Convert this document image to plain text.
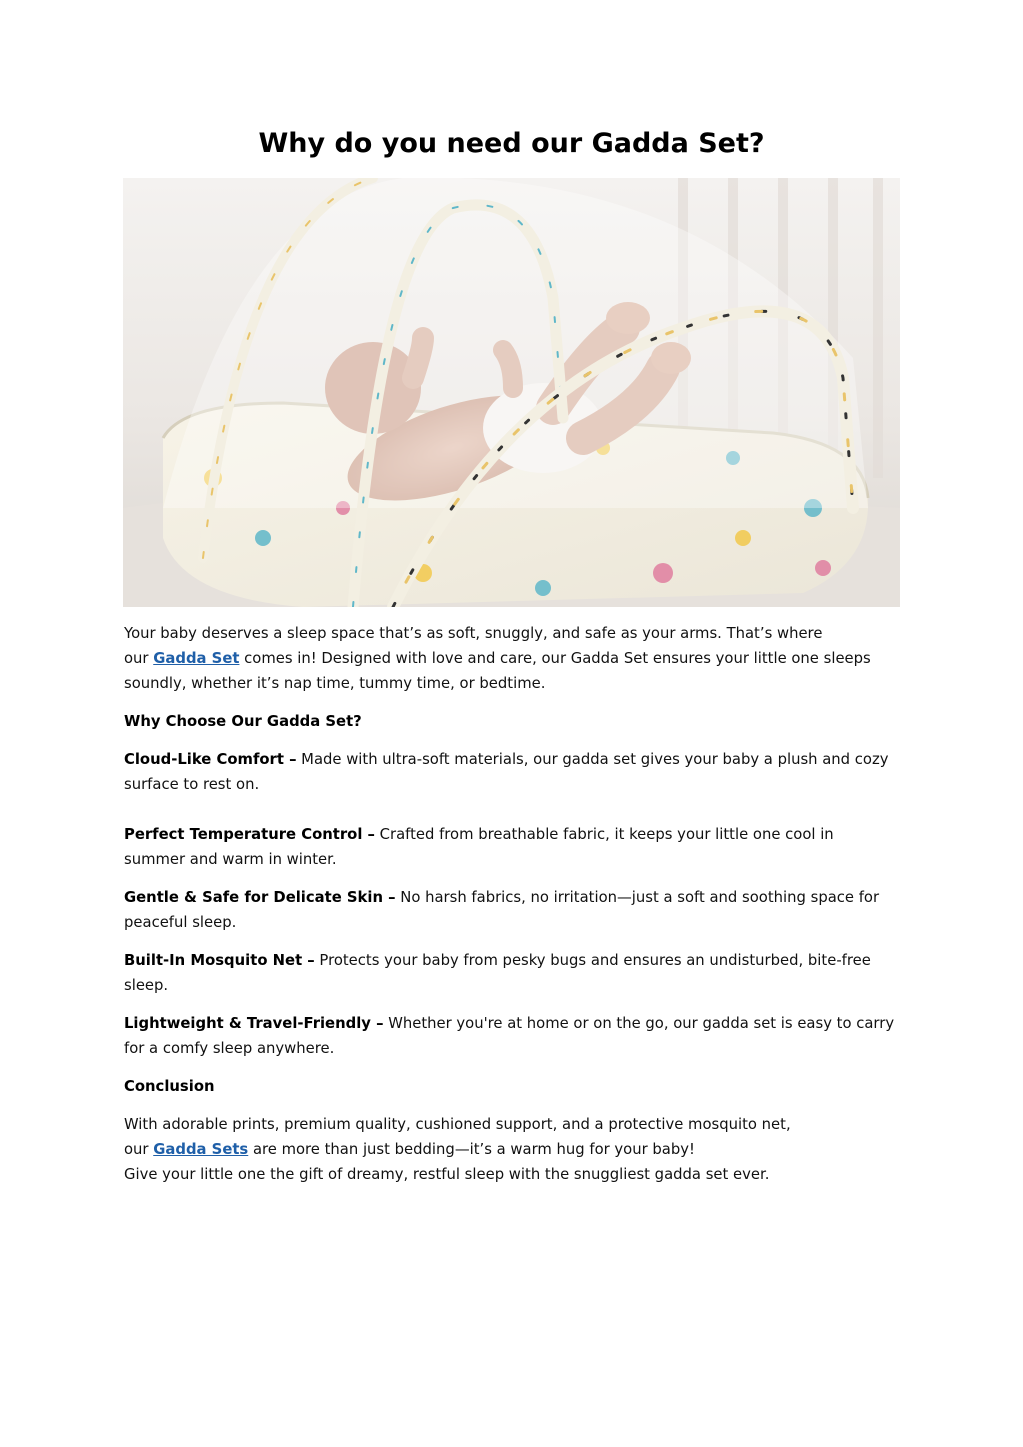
Why do you need our Gadda Set?

Your baby deserves a sleep space that’s as soft, snuggly, and safe as your arms. That’s where
our Gadda Set comes in! Designed with love and care, our Gadda Set ensures your little one sleeps
soundly, whether it’s nap time, tummy time, or bedtime.

Why Choose Our Gadda Set?

Cloud-Like Comfort – Made with ultra-soft materials, our gadda set gives your baby a plush and cozy
surface to rest on.

Perfect Temperature Control – Crafted from breathable fabric, it keeps your little one cool in
summer and warm in winter.

Gentle & Safe for Delicate Skin – No harsh fabrics, no irritation—just a soft and soothing space for
peaceful sleep.

Built-In Mosquito Net – Protects your baby from pesky bugs and ensures an undisturbed, bite-free
sleep.

Lightweight & Travel-Friendly – Whether you're at home or on the go, our gadda set is easy to carry
for a comfy sleep anywhere.

Conclusion

With adorable prints, premium quality, cushioned support, and a protective mosquito net,
our Gadda Sets are more than just bedding—it’s a warm hug for your baby!
Give your little one the gift of dreamy, restful sleep with the snuggliest gadda set ever.
